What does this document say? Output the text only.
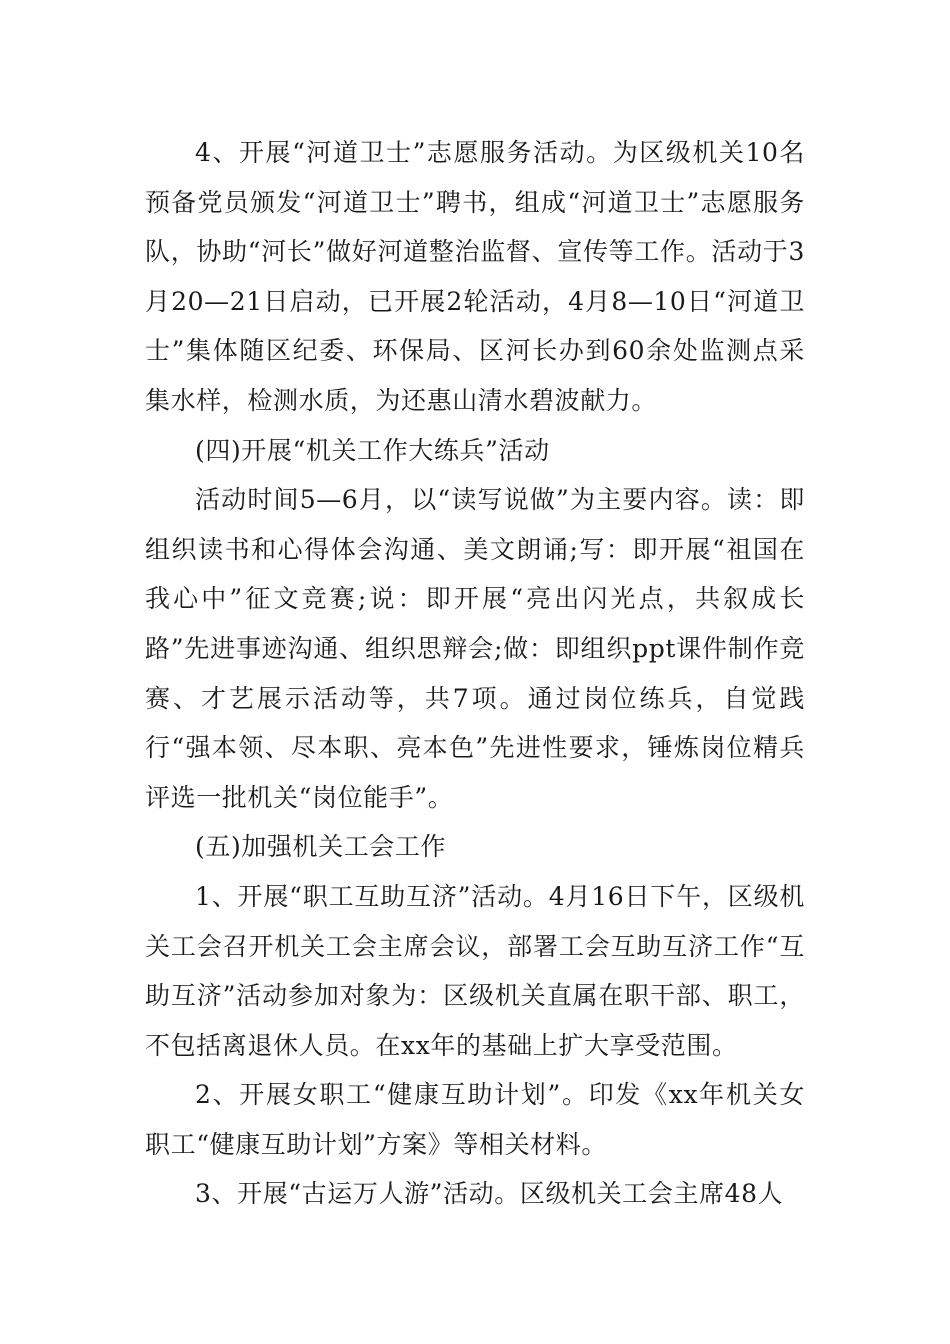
4、开展“河道卫士”志愿服务活动。为区级机关10名预备党员颁发“河道卫士”聘书，组成“河道卫士”志愿服务队，协助“河长”做好河道整治监督、宣传等工作。活动于3月20—21日启动，已开展2轮活动，4月8—10日“河道卫士”集体随区纪委、环保局、区河长办到60余处监测点采集水样，检测水质，为还惠山清水碧波献力。

(四)开展“机关工作大练兵”活动

活动时间5—6月，以“读写说做”为主要内容。读：即组织读书和心得体会沟通、美文朗诵;写：即开展“祖国在我心中”征文竞赛;说：即开展“亮出闪光点，共叙成长路”先进事迹沟通、组织思辩会;做：即组织ppt课件制作竞赛、才艺展示活动等，共7项。通过岗位练兵，自觉践行“强本领、尽本职、亮本色”先进性要求，锤炼岗位精兵评选一批机关“岗位能手”。

(五)加强机关工会工作

1、开展“职工互助互济”活动。4月16日下午，区级机关工会召开机关工会主席会议，部署工会互助互济工作“互助互济”活动参加对象为：区级机关直属在职干部、职工，不包括离退休人员。在xx年的基础上扩大享受范围。

2、开展女职工“健康互助计划”。印发《xx年机关女职工“健康互助计划”方案》等相关材料。

3、开展“古运万人游”活动。区级机关工会主席48人
